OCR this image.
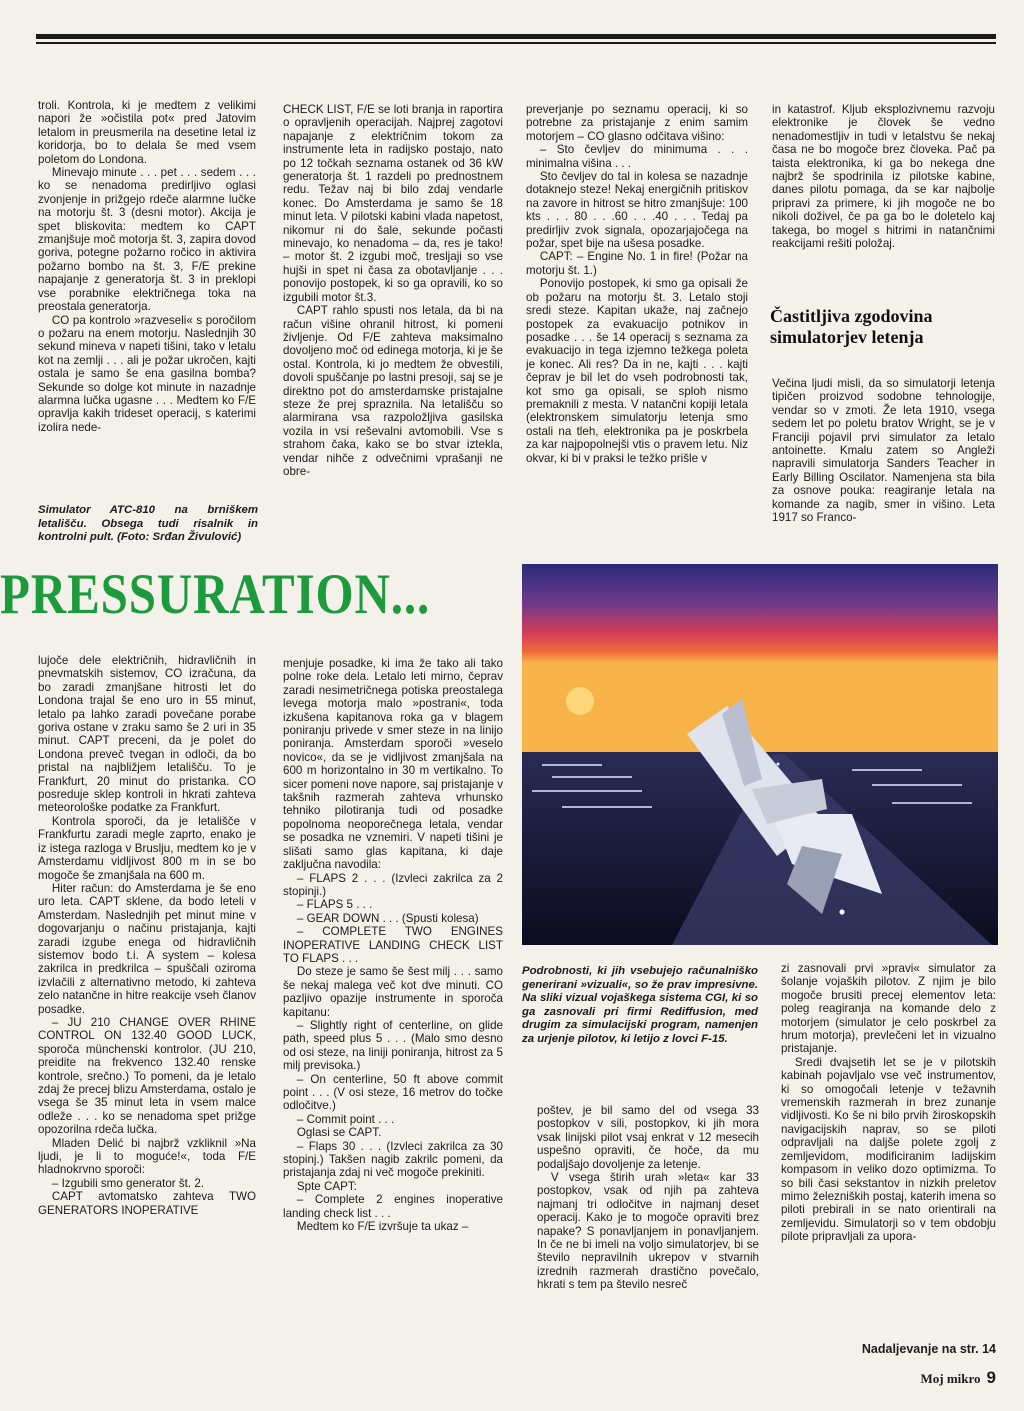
troli. Kontrola, ki je medtem z velikimi napori že »očistila pot« pred Jatovim letalom in preusmerila na desetine letal iz koridorja, bo to delala še med vsem poletom do Londona.

Minevajo minute . . . pet . . . sedem . . . ko se nenadoma predirljivo oglasi zvonjenje in prižgejo rdeče alarmne lučke na motorju št. 3 (desni motor). Akcija je spet bliskovita: medtem ko CAPT zmanjšuje moč motorja št. 3, zapira dovod goriva, potegne požarno ročico in aktivira požarno bombo na št. 3, F/E prekine napajanje z generatorja št. 3 in preklopi vse porabnike električnega toka na preostala generatorja.

CO pa kontrolo »razveseli« s poročilom o požaru na enem motorju. Naslednjih 30 sekund mineva v napeti tišini, tako v letalu kot na zemlji . . . ali je požar ukročen, kajti ostala je samo še ena gasilna bomba? Sekunde so dolge kot minute in nazadnje alarmna lučka ugasne . . . Medtem ko F/E opravlja kakih trideset operacij, s katerimi izolira nede-

CHECK LIST, F/E se loti branja in raportira o opravljenih operacijah. Najprej zagotovi napajanje z električnim tokom za instrumente leta in radijsko postajo, nato po 12 točkah seznama ostanek od 36 kW generatorja št. 1 razdeli po prednostnem redu. Težav naj bi bilo zdaj vendarle konec. Do Amsterdama je samo še 18 minut leta. V pilotski kabini vlada napetost, nikomur ni do šale, sekunde počasti minevajo, ko nenadoma – da, res je tako! – motor št. 2 izgubi moč, tresljaji so vse hujši in spet ni časa za obotavljanje . . . ponovijo postopek, ki so ga opravili, ko so izgubili motor št.3.

CAPT rahlo spusti nos letala, da bi na račun višine ohranil hitrost, ki pomeni življenje. Od F/E zahteva maksimalno dovoljeno moč od edinega motorja, ki je še ostal. Kontrola, ki jo medtem že obvestili, dovoli spuščanje po lastni presoji, saj se je direktno pot do amsterdamske pristajalne steze že prej spraznila. Na letališču so alarmirana vsa razpoložljiva gasilska vozila in vsi reševalni avtomobili. Vse s strahom čaka, kako se bo stvar iztekla, vendar nihče z odvečnimi vprašanji ne obre-

preverjanje po seznamu operacij, ki so potrebne za pristajanje z enim samim motorjem – CO glasno odčitava višino:

– Sto čevljev do minimuma . . . minimalna višina . . .

Sto čevljev do tal in kolesa se nazadnje dotaknejo steze! Nekaj energičnih pritiskov na zavore in hitrost se hitro zmanjšuje: 100 kts . . . 80 . . .60 . . .40 . . . Tedaj pa predirljiv zvok signala, opozarjajočega na požar, spet bije na ušesa posadke.

CAPT: – Engine No. 1 in fire! (Požar na motorju št. 1.)

Ponovijo postopek, ki smo ga opisali že ob požaru na motorju št. 3. Letalo stoji sredi steze. Kapitan ukaže, naj začnejo postopek za evakuacijo potnikov in posadke . . . še 14 operacij s seznama za evakuacijo in tega izjemno težkega poleta je konec. Ali res? Da in ne, kajti . . . kajti čeprav je bil let do vseh podrobnosti tak, kot smo ga opisali, se sploh nismo premaknili z mesta. V natančni kopiji letala (elektronskem simulatorju letenja smo ostali na tleh, elektronika pa je poskrbela za kar najpopolnejši vtis o pravem letu. Niz okvar, ki bi v praksi le težko prišle v

in katastrof. Kljub eksplozivnemu razvoju elektronike je človek še vedno nenadomestljiv in tudi v letalstvu še nekaj časa ne bo mogoče brez človeka. Pač pa taista elektronika, ki ga bo nekega dne najbrž še spodrinila iz pilotske kabine, danes pilotu pomaga, da se kar najbolje pripravi za primere, ki jih mogoče ne bo nikoli doživel, če pa ga bo le doletelo kaj takega, bo mogel s hitrimi in natančnimi reakcijami rešiti položaj.

Častitljiva zgodovina simulatorjev letenja

Večina ljudi misli, da so simulatorji letenja tipičen proizvod sodobne tehnologije, vendar so v zmoti. Že leta 1910, vsega sedem let po poletu bratov Wright, se je v Franciji pojavil prvi simulator za letalo antoinette. Kmalu zatem so Angleži napravili simulatorja Sanders Teacher in Early Billing Oscilator. Namenjena sta bila za osnove pouka: reagiranje letala na komande za nagib, smer in višino. Leta 1917 so Franco-

Simulator ATC-810 na brniškem letališču. Obsega tudi risalnik in kontrolni pult. (Foto: Srđan Živulović)
PRESSURATION...

lujoče dele električnih, hidravličnih in pnevmatskih sistemov, CO izračuna, da bo zaradi zmanjšane hitrosti let do Londona trajal še eno uro in 55 minut, letalo pa lahko zaradi povečane porabe goriva ostane v zraku samo še 2 uri in 35 minut. CAPT preceni, da je polet do Londona preveč tvegan in odloči, da bo pristal na najbližjem letališču. To je Frankfurt, 20 minut do pristanka. CO posreduje sklep kontroli in hkrati zahteva meteorološke podatke za Frankfurt.

Kontrola sporoči, da je letališče v Frankfurtu zaradi megle zaprto, enako je iz istega razloga v Bruslju, medtem ko je v Amsterdamu vidljivost 800 m in se bo mogoče še zmanjšala na 600 m.

Hiter račun: do Amsterdama je še eno uro leta. CAPT sklene, da bodo leteli v Amsterdam. Naslednjih pet minut mine v dogovarjanju o načinu pristajanja, kajti zaradi izgube enega od hidravličnih sistemov bodo t.i. A system – kolesa zakrilca in predkrilca – spuščali oziroma izvlačili z alternativno metodo, ki zahteva zelo natančne in hitre reakcije vseh članov posadke.

– JU 210 CHANGE OVER RHINE CONTROL ON 132.40 GOOD LUCK, sporoča münchenski kontrolor. (JU 210, preidite na frekvenco 132.40 renske kontrole, srečno.) To pomeni, da je letalo zdaj že precej blizu Amsterdama, ostalo je vsega še 35 minut leta in vsem malce odleže . . . ko se nenadoma spet prižge opozorilna rdeča lučka.

Mladen Delić bi najbrž vzkliknil »Na ljudi, je li to moguće!«, toda F/E hladnokrvno sporoči:

– Izgubili smo generator št. 2.

CAPT avtomatsko zahteva TWO GENERATORS INOPERATIVE

menjuje posadke, ki ima že tako ali tako polne roke dela. Letalo leti mirno, čeprav zaradi nesimetričnega potiska preostalega levega motorja malo »postrani«, toda izkušena kapitanova roka ga v blagem poniranju privede v smer steze in na linijo poniranja. Amsterdam sporoči »veselo novico«, da se je vidljivost zmanjšala na 600 m horizontalno in 30 m vertikalno. To sicer pomeni nove napore, saj pristajanje v takšnih razmerah zahteva vrhunsko tehniko pilotiranja tudi od posadke popolnoma neoporečnega letala, vendar se posadka ne vznemiri. V napeti tišini je slišati samo glas kapitana, ki daje zaključna navodila:

– FLAPS 2 . . . (Izvleci zakrilca za 2 stopinji.)

– FLAPS 5 . . .

– GEAR DOWN . . . (Spusti kolesa)

– COMPLETE TWO ENGINES INOPERATIVE LANDING CHECK LIST TO FLAPS . . .

Do steze je samo še šest milj . . . samo še nekaj malega več kot dve minuti. CO pazljivo opazije instrumente in sporoča kapitanu:

– Slightly right of centerline, on glide path, speed plus 5 . . . (Malo smo desno od osi steze, na liniji poniranja, hitrost za 5 milj previsoka.)

– On centerline, 50 ft above commit point . . . (V osi steze, 16 metrov do točke odločitve.)

– Commit point . . .

Oglasi se CAPT.

– Flaps 30 . . . (Izvleci zakrilca za 30 stopinj.) Takšen nagib zakrilc pomeni, da pristajanja zdaj ni več mogoče prekiniti.

Spte CAPT:

– Complete 2 engines inoperative landing check list . . .

Medtem ko F/E izvršuje ta ukaz –

Podrobnosti, ki jih vsebujejo računalniško generirani »vizuali«, so že prav impresivne. Na sliki vizual vojaškega sistema CGI, ki so ga zasnovali pri firmi Rediffusion, med drugim za simulacijski program, namenjen za urjenje pilotov, ki letijo z lovci F-15.

poštev, je bil samo del od vsega 33 postopkov v sili, postopkov, ki jih mora vsak linijski pilot vsaj enkrat v 12 mesecih uspešno opraviti, če hoče, da mu podaljšajo dovoljenje za letenje.

V vsega štirih urah »leta« kar 33 postopkov, vsak od njih pa zahteva najmanj tri odločitve in najmanj deset operacij. Kako je to mogoče opraviti brez napake? S ponavljanjem in ponavljanjem. In če ne bi imeli na voljo simulatorjev, bi se število nepravilnih ukrepov v stvarnih izrednih razmerah drastično povečalo, hkrati s tem pa število nesreč

zi zasnovali prvi »pravi« simulator za šolanje vojaških pilotov. Z njim je bilo mogoče brusiti precej elementov leta: poleg reagiranja na komande delo z motorjem (simulator je celo poskrbel za hrum motorja), prevlečeni let in vizualno pristajanje.

Sredi dvajsetih let se je v pilotskih kabinah pojavljalo vse več instrumentov, ki so omogočali letenje v težavnih vremenskih razmerah in brez zunanje vidljivosti. Ko še ni bilo prvih žiroskopskih navigacijskih naprav, so se piloti odpravljali na daljše polete zgolj z zemljevidom, modificiranim ladijskim kompasom in veliko dozo optimizma. To so bili časi sekstantov in nizkih preletov mimo železniških postaj, katerih imena so piloti prebirali in se nato orientirali na zemljevidu. Simulatorji so v tem obdobju pilote pripravljali za upora-

Nadaljevanje na str. 14
Moj mikro 9
